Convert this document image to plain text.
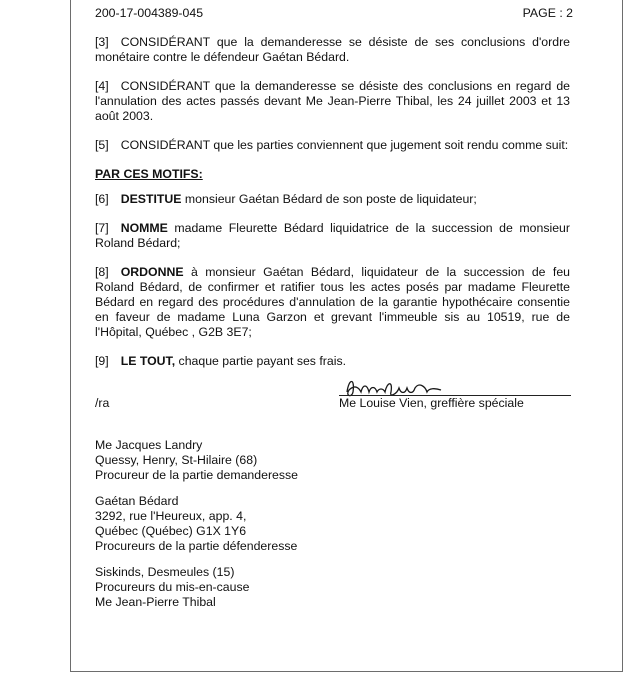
200-17-004389-045	PAGE : 2

[3] CONSIDÉRANT que la demanderesse se désiste de ses conclusions d'ordre monétaire contre le défendeur Gaétan Bédard.

[4] CONSIDÉRANT que la demanderesse se désiste des conclusions en regard de l'annulation des actes passés devant Me Jean-Pierre Thibal, les 24 juillet 2003 et 13 août 2003.

[5] CONSIDÉRANT que les parties conviennent que jugement soit rendu comme suit:

PAR CES MOTIFS:

[6] DESTITUE monsieur Gaétan Bédard de son poste de liquidateur;

[7] NOMME madame Fleurette Bédard liquidatrice de la succession de monsieur Roland Bédard;

[8] ORDONNE à monsieur Gaétan Bédard, liquidateur de la succession de feu Roland Bédard, de confirmer et ratifier tous les actes posés par madame Fleurette Bédard en regard des procédures d'annulation de la garantie hypothécaire consentie en faveur de madame Luna Garzon et grevant l'immeuble sis au 10519, rue de l'Hôpital, Québec , G2B 3E7;

[9] LE TOUT, chaque partie payant ses frais.

/ra	Me Louise Vien, greffière spéciale
Me Jacques Landry
Quessy, Henry, St-Hilaire (68)
Procureur de la partie demanderesse
Gaétan Bédard
3292, rue l'Heureux, app. 4,
Québec (Québec) G1X 1Y6
Procureurs de la partie défenderesse
Siskinds, Desmeules (15)
Procureurs du mis-en-cause
Me Jean-Pierre Thibal
